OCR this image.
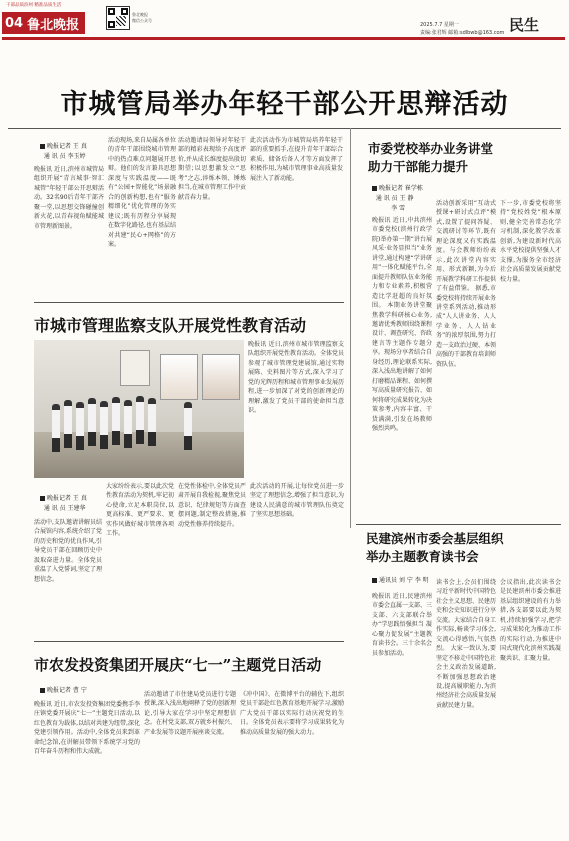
干部品质滨州 精准品质生活
04 鲁北晚报
鲁北晚报
微信公众号
2025.7.7 星期一
责编:张君辉 邮箱:sdlbwb@163.com 民生
市城管局举办年轻干部公开思辩活动
晚报记者 王 真
通 讯 员 李玉婷
晚报讯 近日,滨州市城管局组织开展“青言城事·智汇城管”年轻干部公开思辩活动。32名90后青年干部齐聚一堂,以思想交锋碰撞创新火花,以青春视角赋能城市管理新图景。
活动现场,来自局属各单位的青年干部围绕城市管理中的热点难点问题展开思辩。他们的发言兼具思想深度与实践温度——既有“公园+智能化”场景融合的创新构想,也有“服务精细化”优化管理的务实建议;既有历程分享展现在数字化路径,也有基层结对共建“民心+网格”的方案。
活动邀请局领导对年轻干部的精彩表现给予高度评价,并从成长维度提出殷切期望;以思想激发立“思考”之志,淬炼本领、锤炼担当,在城市管理工作中贡献青春力量。
此次活动作为市城管局培养年轻干部的重要抓手,在提升青年干部综合素质、储备后备人才等方面发挥了积极作用,为城市管理事业高质量发展注入了新动能。
市城市管理监察支队开展党性教育活动
晚报讯 近日,滨州市城市管理监察支队组织开展党性教育活动。全体党员参观了城市管理党建展馆,通过实物展陈、史料图片等方式,深入学习了党的光辉历程和城市管理事业发展历程,进一步加深了对党的创新理论的理解,激发了党员干部的使命担当意识。
晚报记者 王 真
通 讯 员 王建华
活动中,支队邀请讲解员结合展馆内容,系统介绍了党的历史和党的优良作风,引导党员干部在回顾历史中汲取奋进力量。全体党员重温了入党誓词,坚定了理想信念。
大家纷纷表示,要以此次党性教育活动为契机,牢记初心使命,立足本职岗位,以更高标准、更严要求、更实作风做好城市管理各项工作。
在党性体检中,全体党员严肃开展自我检视,聚焦党员意识、纪律规矩等方面查摆问题,制定整改措施,推动党性修养持续提升。
此次活动的开展,让每位党员进一步坚定了理想信念,增强了担当意识,为建设人民满意的城市管理队伍奠定了坚实思想基础。
市农发投资集团开展庆“七一”主题党日活动
晚报记者 曹 宁
晚报讯 近日,市农发投资集团党委携手李庄镇党委开展庆“七一”主题党日活动,以红色教育为载体,以结对共建为纽带,深化党建引领作用。活动中,全体党员来到革命纪念馆,在讲解员带领下系统学习党的百年奋斗历程和伟大成就。
活动邀请了市住建局党员进行专题授课,深入浅出地阐释了党的创新理论,引导大家在学习中坚定理想信念。在村党支部,双方就乡村振兴、产业发展等议题开展座谈交流。
《冲中国》、在微博平台的辅佐下,组织党员干部赴红色教育基地开展学习,激励广大党员干部以实际行动庆祝党的生日。全体党员表示要将学习成果转化为推动高质量发展的强大动力。
市委党校举办业务讲堂
助力干部能力提升
晚报记者 崔学栋
通 讯 员 王 静
李 雪
晚报讯 近日,中共滨州市委党校(滨州行政学院)举办第一期“讲台展风采·业务显担当”业务讲堂,通过构建“学讲研用”一体化赋能平台,全面提升教师队伍业务能力和专业素养,积极营造比学赶超的良好氛围。 本期业务讲堂聚焦教学科研核心业务,邀请优秀教师围绕课程设计、调查研究、咨政建言等主题作专题分享。现场分享者结合自身经历,理论联系实际,深入浅出地讲解了如何打磨精品课程、如何撰写高质量研究报告、如何将研究成果转化为决策参考,内容丰富、干货满满,引发在场教师强烈共鸣。
活动创新采用“互动式授课+研讨式点评”模式,设置了提问答疑、交流研讨等环节,既有理论深度又有实践温度。与会教师纷纷表示,此次讲堂内容实用、形式新颖,为今后开展教学科研工作提供了有益借鉴。 据悉,市委党校将持续开展业务讲堂系列活动,推动形成“人人讲业务、人人学业务、人人钻业务”的浓厚氛围,努力打造一支政治过硬、本领高强的干部教育培训师资队伍。
下一步,市委党校将坚持“党校姓党”根本原则,健全完善常态化学习机制,深化教学改革创新,为建设新时代高水平党校提供坚强人才支撑,为服务全市经济社会高质量发展贡献党校力量。
民建滨州市委会基层组织
举办主题教育读书会
通讯员 刘 宁 李 明
晚报讯 近日,民建滨州市委会直属一支部、三支部、六支部联合举办“学思践悟强担当 凝心聚力促发展”主题教育读书会。三十余名会员参加活动。
读书会上,会员们围绕习近平新时代中国特色社会主义思想、民建历史和会史知识进行分享交流。大家结合自身工作实际,畅谈学习体会,交流心得感悟,气氛热烈。 大家一致认为,要坚定不移走中国特色社会主义政治发展道路,不断加强思想政治建设,提高履职能力,为滨州经济社会高质量发展贡献民建力量。
会议指出,此次读书会是民建滨州市委会推进基层组织建设的有力举措,各支部要以此为契机,持续加强学习,把学习成果转化为推动工作的实际行动,为推进中国式现代化滨州实践凝聚共识、汇聚力量。
